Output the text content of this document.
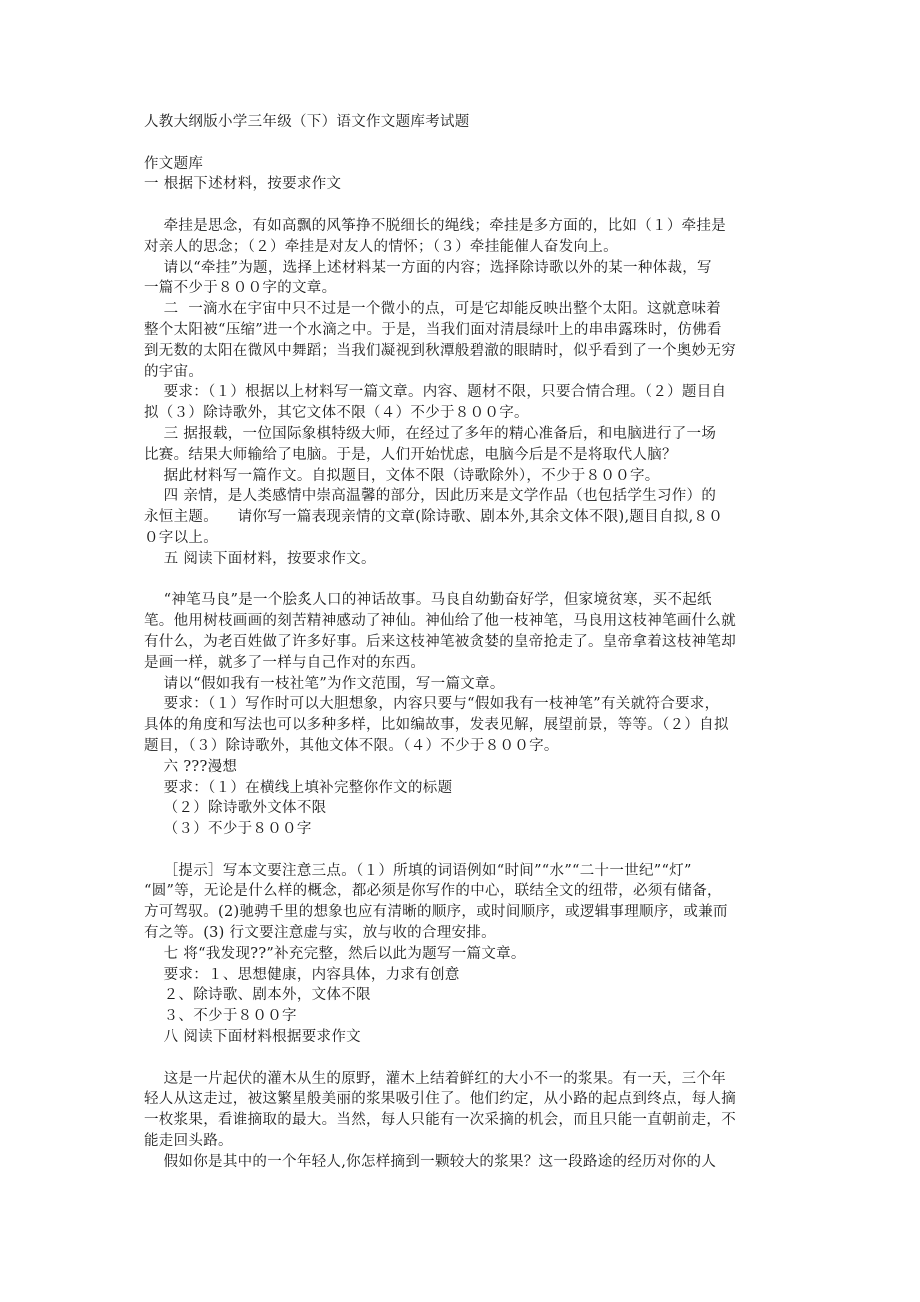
人教大纲版小学三年级（下）语文作文题库考试题
作文题库
一 根据下述材料，按要求作文
牵挂是思念，有如高飘的风筝挣不脱细长的绳线；牵挂是多方面的，比如（１）牵挂是
对亲人的思念；（２）牵挂是对友人的情怀；（３）牵挂能催人奋发向上。
请以“牵挂”为题，选择上述材料某一方面的内容；选择除诗歌以外的某一种体裁，写
一篇不少于８００字的文章。
二  一滴水在宇宙中只不过是一个微小的点，可是它却能反映出整个太阳。这就意味着
整个太阳被“压缩”进一个水滴之中。于是，当我们面对清晨绿叶上的串串露珠时，仿佛看
到无数的太阳在微风中舞蹈；当我们凝视到秋潭般碧澈的眼睛时，似乎看到了一个奥妙无穷
的宇宙。
要求：（１）根据以上材料写一篇文章。内容、题材不限，只要合情合理。（２）题目自
拟（３）除诗歌外，其它文体不限（４）不少于８００字。
三 据报载，一位国际象棋特级大师，在经过了多年的精心准备后，和电脑进行了一场
比赛。结果大师输给了电脑。于是，人们开始忧虑，电脑今后是不是将取代人脑？
据此材料写一篇作文。自拟题目，文体不限（诗歌除外），不少于８００字。
四 亲情，是人类感情中崇高温馨的部分，因此历来是文学作品（也包括学生习作）的
永恒主题。    请你写一篇表现亲情的文章(除诗歌、剧本外,其余文体不限),题目自拟,８０
０字以上。
五 阅读下面材料，按要求作文。
“神笔马良”是一个脍炙人口的神话故事。马良自幼勤奋好学，但家境贫寒，买不起纸
笔。他用树枝画画的刻苦精神感动了神仙。神仙给了他一枝神笔，马良用这枝神笔画什么就
有什么，为老百姓做了许多好事。后来这枝神笔被贪婪的皇帝抢走了。皇帝拿着这枝神笔却
是画一样，就多了一样与自己作对的东西。
请以“假如我有一枝社笔”为作文范围，写一篇文章。
要求：（１）写作时可以大胆想象，内容只要与“假如我有一枝神笔”有关就符合要求，
具体的角度和写法也可以多种多样，比如编故事，发表见解，展望前景，等等。（２）自拟
题目，（３）除诗歌外，其他文体不限。（４）不少于８００字。
六 ???漫想
要求：（１）在横线上填补完整你作文的标题
（２）除诗歌外文体不限
（３）不少于８００字
［提示］写本文要注意三点。（１）所填的词语例如“时间”“水”“二十一世纪”“灯”
“圆”等，无论是什么样的概念，都必须是你写作的中心，联结全文的纽带，必须有储备，
方可驾驭。(2)驰骋千里的想象也应有清晰的顺序，或时间顺序，或逻辑事理顺序，或兼而
有之等。(3) 行文要注意虚与实，放与收的合理安排。
七 将“我发现??”补充完整，然后以此为题写一篇文章。
要求：１、思想健康，内容具体，力求有创意
２、除诗歌、剧本外，文体不限
３、不少于８００字
八 阅读下面材料根据要求作文
这是一片起伏的灌木从生的原野，灌木上结着鲜红的大小不一的浆果。有一天，三个年
轻人从这走过，被这繁星般美丽的浆果吸引住了。他们约定，从小路的起点到终点，每人摘
一枚浆果，看谁摘取的最大。当然，每人只能有一次采摘的机会，而且只能一直朝前走，不
能走回头路。
假如你是其中的一个年轻人,你怎样摘到一颗较大的浆果？这一段路途的经历对你的人
